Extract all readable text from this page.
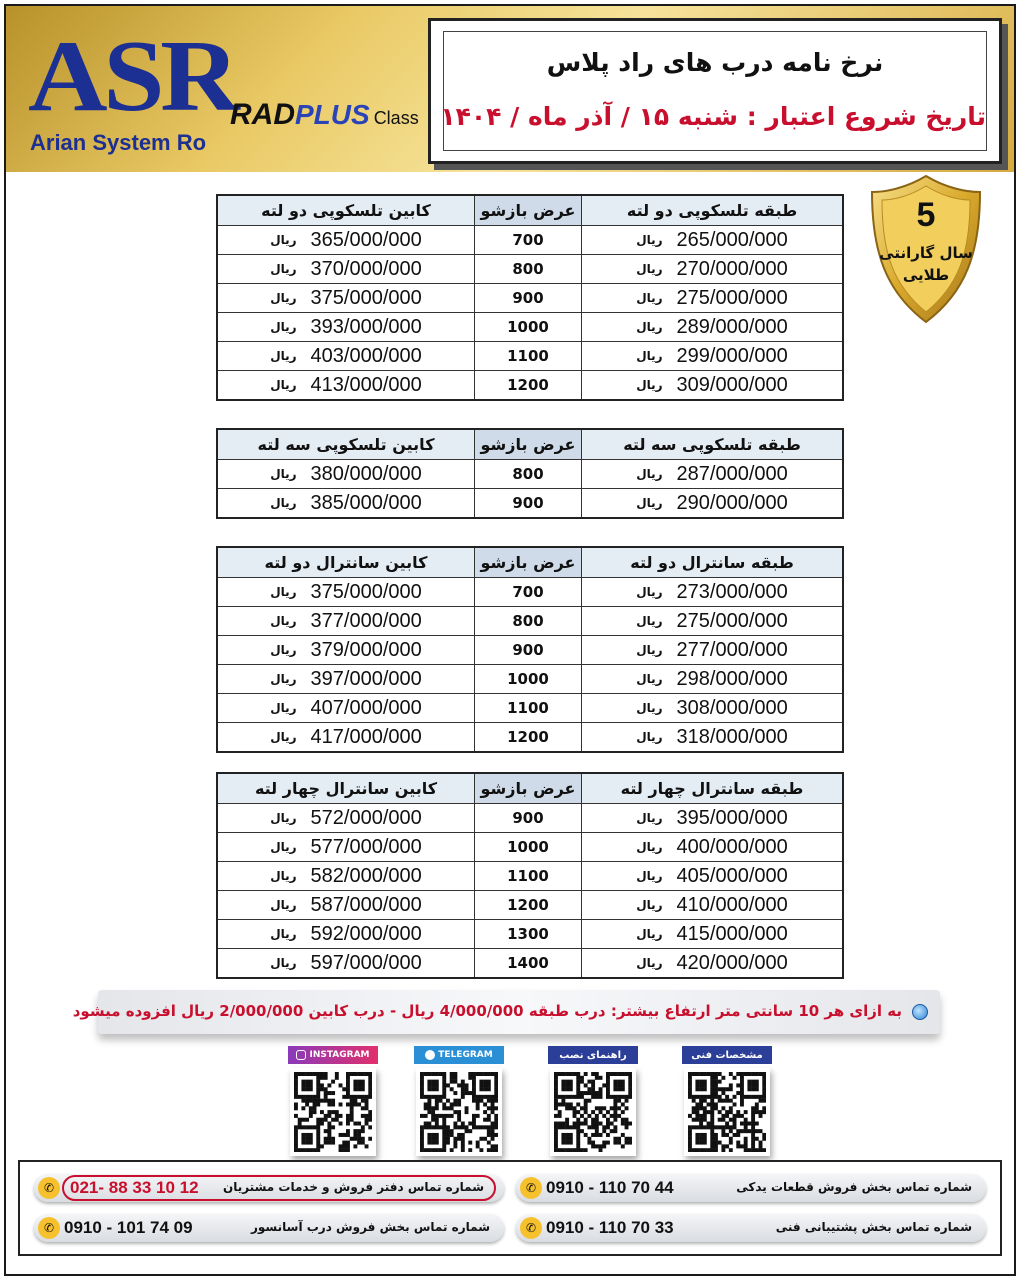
ASR
Arian System Ro
RADPLUS Class
نرخ نامه درب های راد پلاس
تاریخ شروع اعتبار : شنبه ۱۵ / آذر ماه / ۱۴۰۴
5
سال گارانتی
طلایی
کابین تلسکوپی دو لته	عرض بازشو	طبقه تلسکوپی دو لته
ریال 365/000/000	700	ریال 265/000/000
ریال 370/000/000	800	ریال 270/000/000
ریال 375/000/000	900	ریال 275/000/000
ریال 393/000/000	1000	ریال 289/000/000
ریال 403/000/000	1100	ریال 299/000/000
ریال 413/000/000	1200	ریال 309/000/000
کابین تلسکوپی سه لته	عرض بازشو	طبقه تلسکوپی سه لته
ریال 380/000/000	800	ریال 287/000/000
ریال 385/000/000	900	ریال 290/000/000
کابین سانترال دو لته	عرض بازشو	طبقه سانترال دو لته
ریال 375/000/000	700	ریال 273/000/000
ریال 377/000/000	800	ریال 275/000/000
ریال 379/000/000	900	ریال 277/000/000
ریال 397/000/000	1000	ریال 298/000/000
ریال 407/000/000	1100	ریال 308/000/000
ریال 417/000/000	1200	ریال 318/000/000
کابین سانترال چهار لته	عرض بازشو	طبقه سانترال چهار لته
ریال 572/000/000	900	ریال 395/000/000
ریال 577/000/000	1000	ریال 400/000/000
ریال 582/000/000	1100	ریال 405/000/000
ریال 587/000/000	1200	ریال 410/000/000
ریال 592/000/000	1300	ریال 415/000/000
ریال 597/000/000	1400	ریال 420/000/000
به ازای هر 10 سانتی متر ارتفاع بیشتر: درب طبقه 4/000/000 ریال - درب کابین 2/000/000 ریال افزوده میشود
INSTAGRAM	TELEGRAM	راهنمای نصب	مشخصات فنی
✆ 021- 88 33 10 12 شماره تماس دفتر فروش و خدمات مشتریان	✆ 0910 - 110 70 44	شماره تماس بخش فروش قطعات یدکی
✆ 0910 - 101 74 09	شماره تماس بخش فروش درب آسانسور	✆ 0910 - 110 70 33	شماره تماس بخش پشتیبانی فنی
